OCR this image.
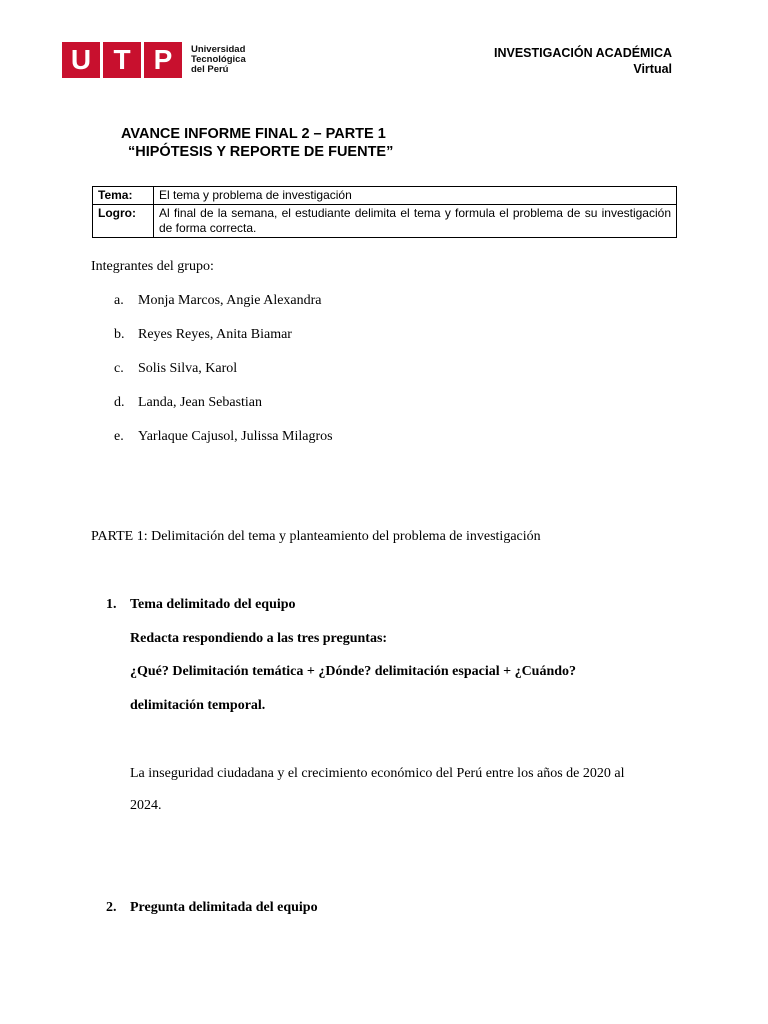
U T P	Universidad
Tecnológica
del Perú
INVESTIGACIÓN ACADÉMICA
Virtual
AVANCE INFORME FINAL 2 – PARTE 1
“HIPÓTESIS Y REPORTE DE FUENTE”
Tema:	El tema y problema de investigación
Logro:	Al final de la semana, el estudiante delimita el tema y formula el problema de su investigación de forma correcta.
Integrantes del grupo:
a.	Monja Marcos, Angie Alexandra
b. Reyes Reyes, Anita Biamar
c.	Solis Silva, Karol
d. Landa, Jean Sebastian
e.	Yarlaque Cajusol, Julissa Milagros
PARTE 1: Delimitación del tema y planteamiento del problema de investigación
1. Tema delimitado del equipo
Redacta respondiendo a las tres preguntas:
¿Qué? Delimitación temática + ¿Dónde? delimitación espacial + ¿Cuándo?
delimitación temporal.
La inseguridad ciudadana y el crecimiento económico del Perú entre los años de 2020 al
2024.
2. Pregunta delimitada del equipo
